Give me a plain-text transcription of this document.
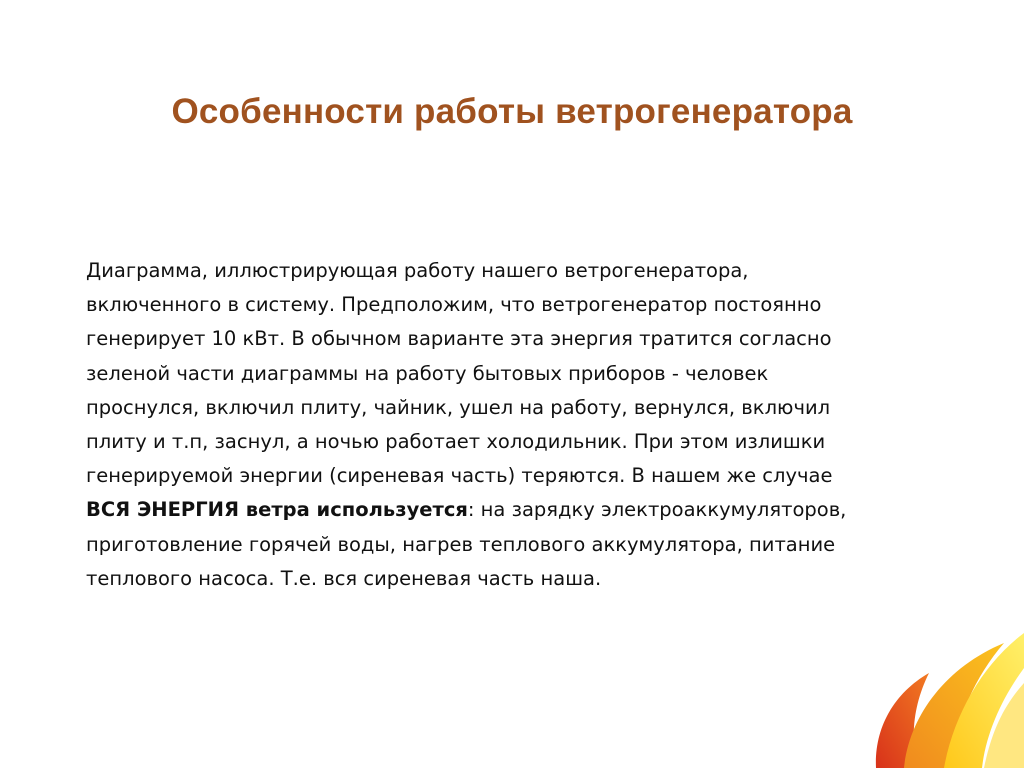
Особенности работы ветрогенератора
Диаграмма, иллюстрирующая работу нашего ветрогенератора,
включенного в систему. Предположим, что ветрогенератор постоянно
генерирует 10 кВт. В обычном варианте эта энергия тратится согласно
зеленой части диаграммы на работу бытовых приборов - человек
проснулся, включил плиту, чайник, ушел на работу, вернулся, включил
плиту и т.п, заснул, а ночью работает холодильник. При этом излишки
генерируемой энергии (сиреневая часть) теряются. В нашем же случае
ВСЯ ЭНЕРГИЯ ветра используется: на зарядку электроаккумуляторов,
приготовление горячей воды, нагрев теплового аккумулятора, питание
теплового насоса. Т.е. вся сиреневая часть наша.
